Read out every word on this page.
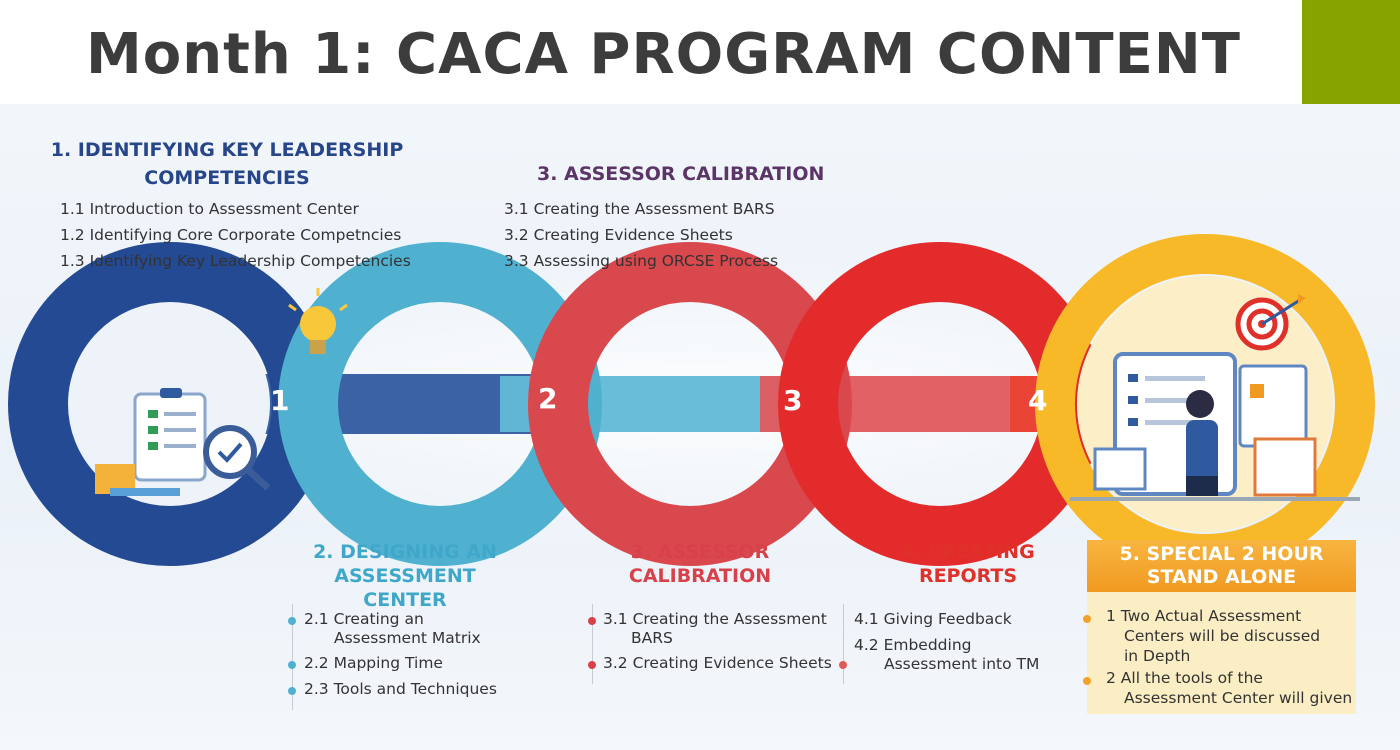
Month 1: CACA PROGRAM CONTENT
1	2	3	4
1. IDENTIFYING KEY LEADERSHIP
COMPETENCIES
1.1 Introduction to Assessment Center
1.2 Identifying Core Corporate Competncies
1.3 Identifying Key Leadership Competencies
3. ASSESSOR CALIBRATION
3.1 Creating the Assessment BARS
3.2 Creating Evidence Sheets
3.3 Assessing using ORCSE Process
2. DESIGNING AN
ASSESSMENT
CENTER
2.1 Creating an
Assessment Matrix
2.2 Mapping Time
2.3 Tools and Techniques
3. ASSESSOR
CALIBRATION
3.1 Creating the Assessment
BARS
3.2 Creating Evidence Sheets
4. CREATING
REPORTS
4.1 Giving Feedback
4.2 Embedding
Assessment into TM
5. SPECIAL 2 HOUR
STAND ALONE
1 Two Actual Assessment
Centers will be discussed
in Depth
2 All the tools of the
Assessment Center will given
